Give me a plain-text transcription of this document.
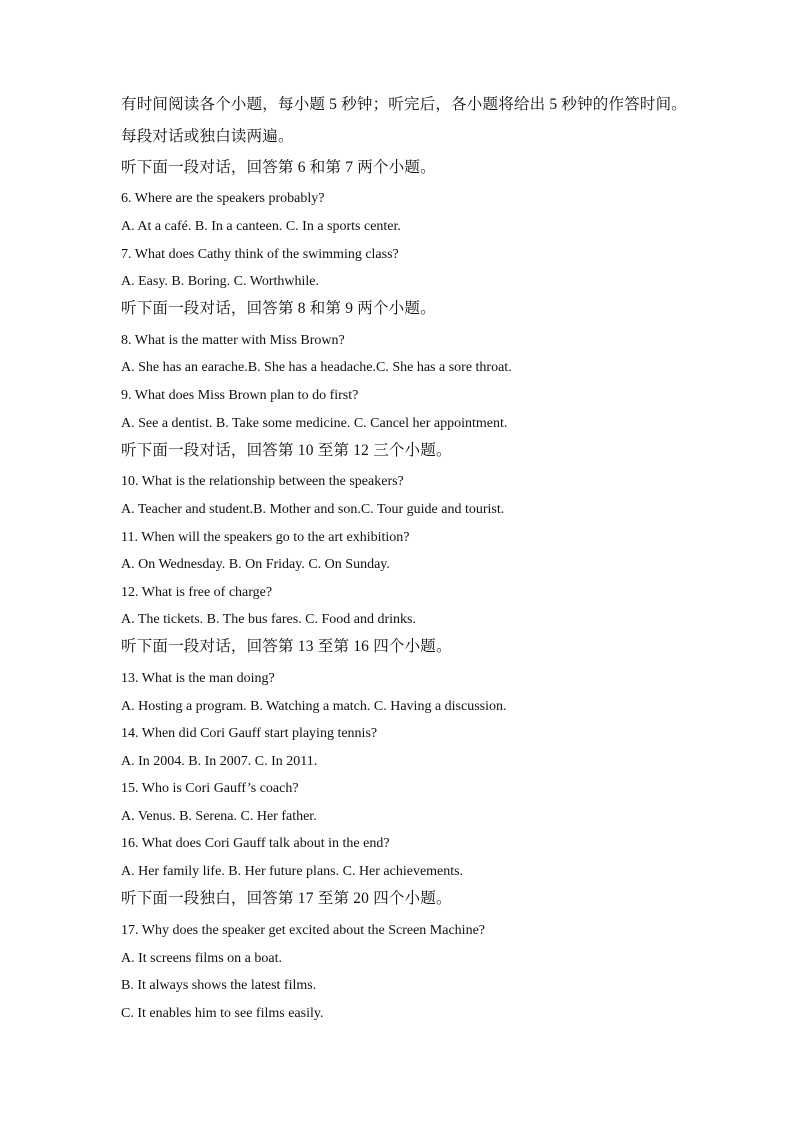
有时间阅读各个小题，每小题 5 秒钟；听完后，各小题将给出 5 秒钟的作答时间。
每段对话或独白读两遍。
听下面一段对话，回答第 6 和第 7 两个小题。
6. Where are the speakers probably?
A. At a café. B. In a canteen. C. In a sports center.
7. What does Cathy think of the swimming class?
A. Easy. B. Boring. C. Worthwhile.
听下面一段对话，回答第 8 和第 9 两个小题。
8. What is the matter with Miss Brown?
A. She has an earache.B. She has a headache.C. She has a sore throat.
9. What does Miss Brown plan to do first?
A. See a dentist. B. Take some medicine. C. Cancel her appointment.
听下面一段对话，回答第 10 至第 12 三个小题。
10. What is the relationship between the speakers?
A. Teacher and student.B. Mother and son.C. Tour guide and tourist.
11. When will the speakers go to the art exhibition?
A. On Wednesday. B. On Friday. C. On Sunday.
12. What is free of charge?
A. The tickets. B. The bus fares. C. Food and drinks.
听下面一段对话，回答第 13 至第 16 四个小题。
13. What is the man doing?
A. Hosting a program. B. Watching a match. C. Having a discussion.
14. When did Cori Gauff start playing tennis?
A. In 2004. B. In 2007. C. In 2011.
15. Who is Cori Gauff’s coach?
A. Venus. B. Serena. C. Her father.
16. What does Cori Gauff talk about in the end?
A. Her family life. B. Her future plans. C. Her achievements.
听下面一段独白，回答第 17 至第 20 四个小题。
17. Why does the speaker get excited about the Screen Machine?
A. It screens films on a boat.
B. It always shows the latest films.
C. It enables him to see films easily.
